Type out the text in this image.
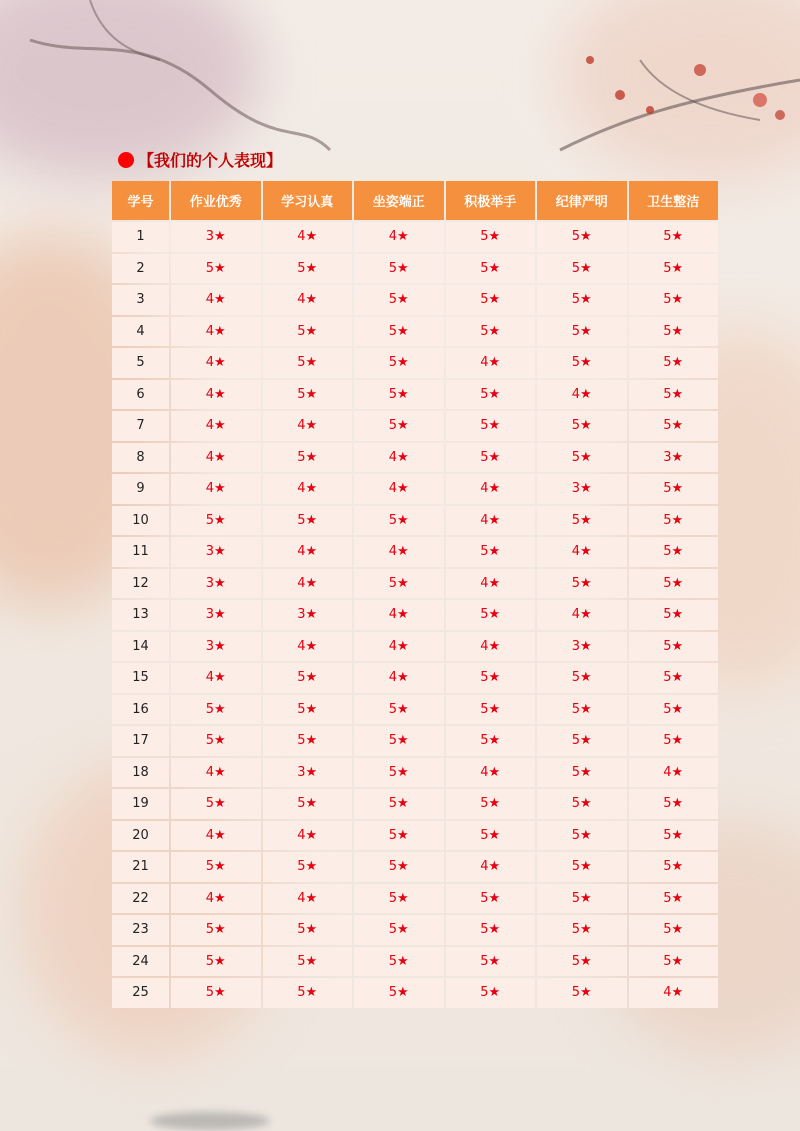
【我们的个人表现】
学号	作业优秀	学习认真	坐姿端正	积极举手	纪律严明	卫生整洁
1	3★	4★	4★	5★	5★	5★
2	5★	5★	5★	5★	5★	5★
3	4★	4★	5★	5★	5★	5★
4	4★	5★	5★	5★	5★	5★
5	4★	5★	5★	4★	5★	5★
6	4★	5★	5★	5★	4★	5★
7	4★	4★	5★	5★	5★	5★
8	4★	5★	4★	5★	5★	3★
9	4★	4★	4★	4★	3★	5★
10	5★	5★	5★	4★	5★	5★
11	3★	4★	4★	5★	4★	5★
12	3★	4★	5★	4★	5★	5★
13	3★	3★	4★	5★	4★	5★
14	3★	4★	4★	4★	3★	5★
15	4★	5★	4★	5★	5★	5★
16	5★	5★	5★	5★	5★	5★
17	5★	5★	5★	5★	5★	5★
18	4★	3★	5★	4★	5★	4★
19	5★	5★	5★	5★	5★	5★
20	4★	4★	5★	5★	5★	5★
21	5★	5★	5★	4★	5★	5★
22	4★	4★	5★	5★	5★	5★
23	5★	5★	5★	5★	5★	5★
24	5★	5★	5★	5★	5★	5★
25	5★	5★	5★	5★	5★	4★
